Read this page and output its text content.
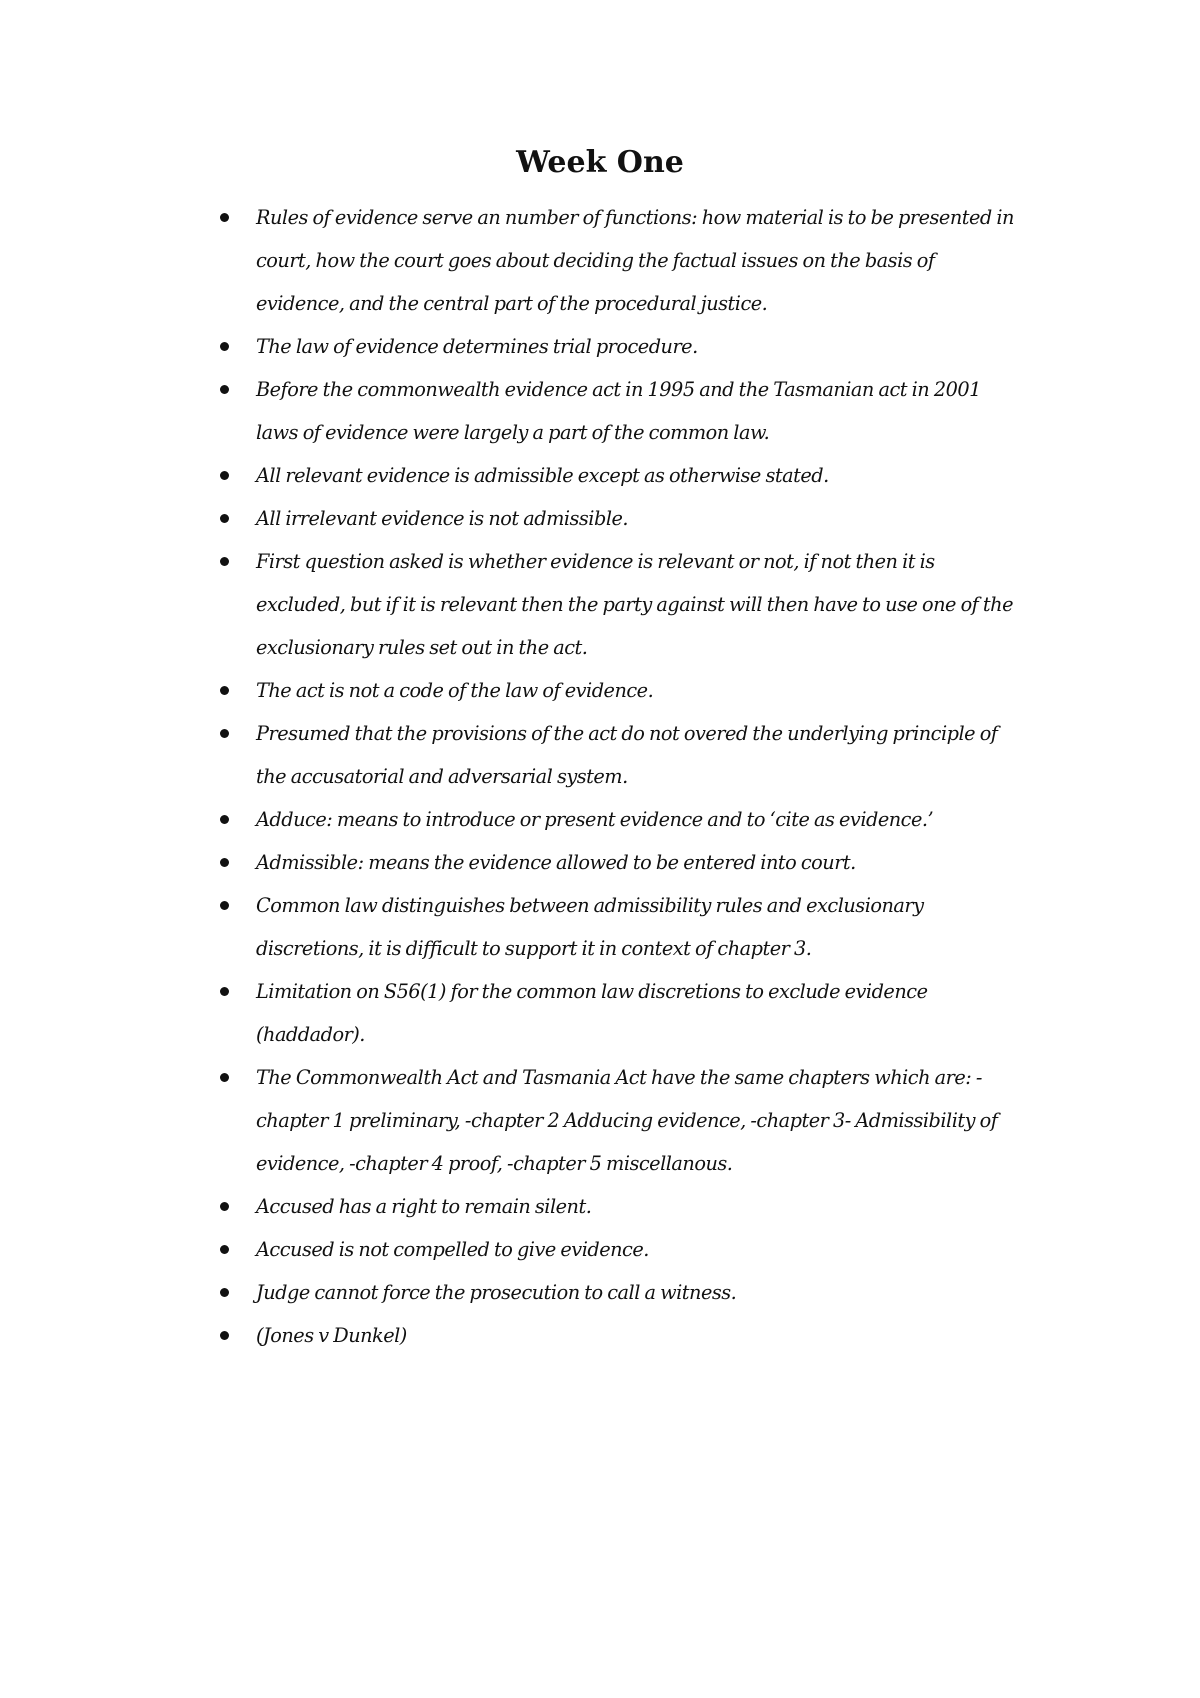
Week One
Rules of evidence serve an number of functions: how material is to be presented in court, how the court goes about deciding the factual issues on the basis of evidence, and the central part of the procedural justice.
The law of evidence determines trial procedure.
Before the commonwealth evidence act in 1995 and the Tasmanian act in 2001 laws of evidence were largely a part of the common law.
All relevant evidence is admissible except as otherwise stated.
All irrelevant evidence is not admissible.
First question asked is whether evidence is relevant or not, if not then it is excluded, but if it is relevant then the party against will then have to use one of the exclusionary rules set out in the act.
The act is not a code of the law of evidence.
Presumed that the provisions of the act do not overed the underlying principle of the accusatorial and adversarial system.
Adduce: means to introduce or present evidence and to ‘cite as evidence.’
Admissible: means the evidence allowed to be entered into court.
Common law distinguishes between admissibility rules and exclusionary discretions, it is difficult to support it in context of chapter 3.
Limitation on S56(1) for the common law discretions to exclude evidence (haddador).
The Commonwealth Act and Tasmania Act have the same chapters which are: -chapter 1 preliminary, -chapter 2 Adducing evidence, -chapter 3- Admissibility of evidence, -chapter 4 proof, -chapter 5 miscellanous.
Accused has a right to remain silent.
Accused is not compelled to give evidence.
Judge cannot force the prosecution to call a witness.
(Jones v Dunkel)
